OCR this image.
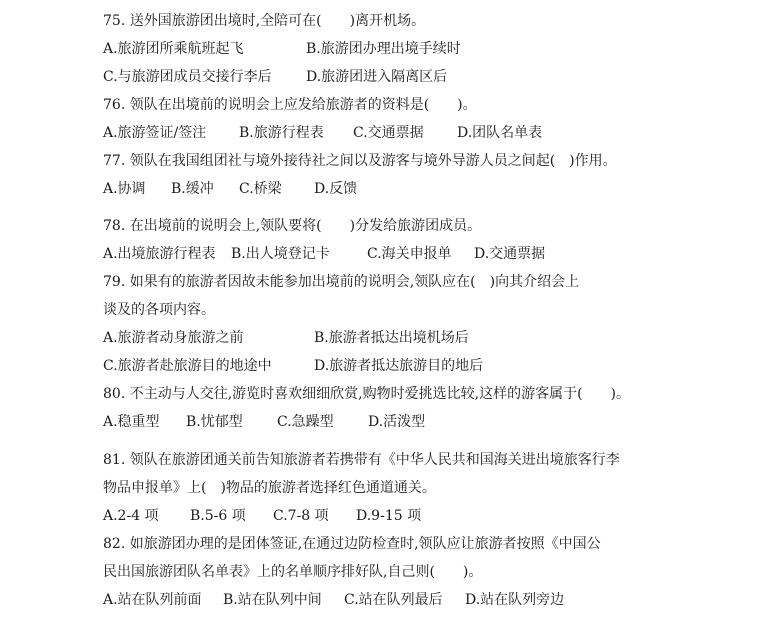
75. 送外国旅游团出境时,全陪可在(　　)离开机场。

A.旅游团所乘航班起飞	B.旅游团办理出境手续时

C.与旅游团成员交接行李后 D.旅游团进入隔离区后

76. 领队在出境前的说明会上应发给旅游者的资料是(　　)。

A.旅游签证/签注 B.旅游行程表 C.交通票据 D.团队名单表

77. 领队在我国组团社与境外接待社之间以及游客与境外导游人员之间起(　)作用。

A.协调 B.缓冲 C.桥梁 D.反馈

78. 在出境前的说明会上,领队要将(　　)分发给旅游团成员。

A.出境旅游行程表 B.出人境登记卡	C.海关申报单 D.交通票据

79. 如果有的旅游者因故未能参加出境前的说明会,领队应在(　)向其介绍会上

谈及的各项内容。

A.旅游者动身旅游之前	B.旅游者抵达出境机场后

C.旅游者赴旅游目的地途中	D.旅游者抵达旅游目的地后

80. 不主动与人交往,游览时喜欢细细欣赏,购物时爱挑选比较,这样的游客属于(　　)。

A.稳重型 B.忧郁型 C.急躁型 D.活泼型

81. 领队在旅游团通关前告知旅游者若携带有《中华人民共和国海关进出境旅客行李

物品申报单》上(　)物品的旅游者选择红色通道通关。

A.2-4 项 B.5-6 项 C.7-8 项 D.9-15 项

82. 如旅游团办理的是团体签证,在通过边防检查时,领队应让旅游者按照《中国公

民出国旅游团队名单表》上的名单顺序排好队,自己则(　　)。

A.站在队列前面 B.站在队列中间 C.站在队列最后 D.站在队列旁边
